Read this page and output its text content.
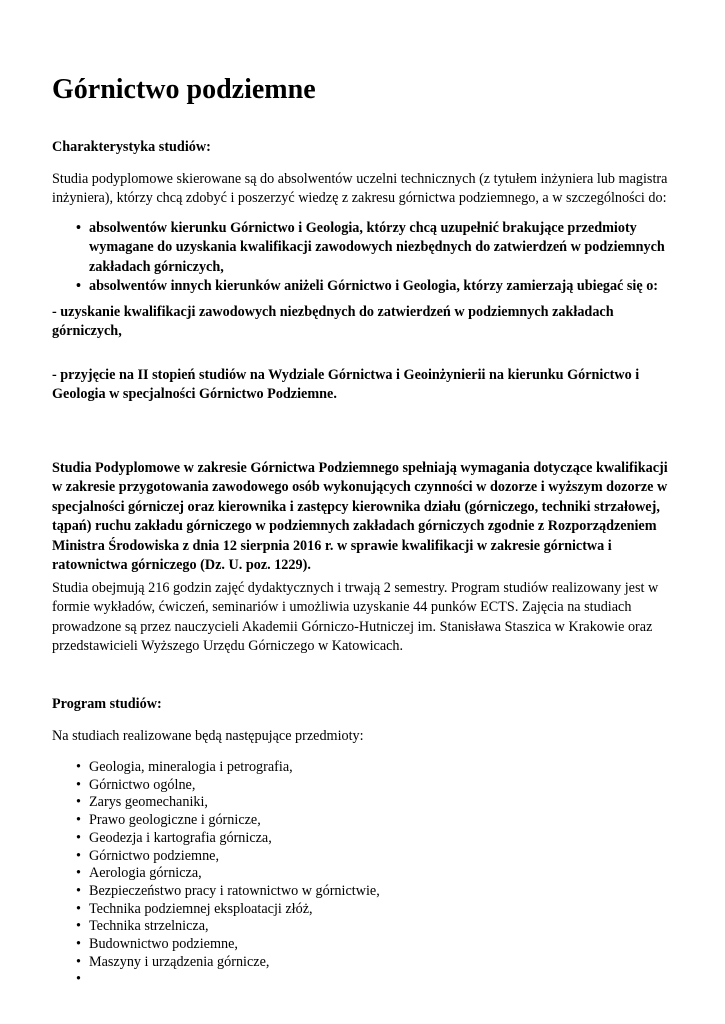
Górnictwo podziemne

Charakterystyka studiów:

Studia podyplomowe skierowane są do absolwentów uczelni technicznych (z tytułem inżyniera lub magistra inżyniera), którzy chcą zdobyć i poszerzyć wiedzę z zakresu górnictwa podziemnego, a w szczególności do:

• absolwentów kierunku Górnictwo i Geologia, którzy chcą uzupełnić brakujące przedmioty wymagane do uzyskania kwalifikacji zawodowych niezbędnych do zatwierdzeń w podziemnych zakładach górniczych,
• absolwentów innych kierunków aniżeli Górnictwo i Geologia, którzy zamierzają ubiegać się o:

- uzyskanie kwalifikacji zawodowych niezbędnych do zatwierdzeń w podziemnych zakładach górniczych,

- przyjęcie na II stopień studiów na Wydziale Górnictwa i Geoinżynierii na kierunku Górnictwo i Geologia w specjalności Górnictwo Podziemne.

Studia Podyplomowe w zakresie Górnictwa Podziemnego spełniają wymagania dotyczące kwalifikacji w zakresie przygotowania zawodowego osób wykonujących czynności w dozorze i wyższym dozorze w specjalności górniczej oraz kierownika i zastępcy kierownika działu (górniczego, techniki strzałowej, tąpań) ruchu zakładu górniczego w podziemnych zakładach górniczych zgodnie z Rozporządzeniem Ministra Środowiska z dnia 12 sierpnia 2016 r. w sprawie kwalifikacji w zakresie górnictwa i ratownictwa górniczego (Dz. U. poz. 1229).

Studia obejmują 216 godzin zajęć dydaktycznych i trwają 2 semestry. Program studiów realizowany jest w formie wykładów, ćwiczeń, seminariów i umożliwia uzyskanie 44 punków ECTS. Zajęcia na studiach prowadzone są przez nauczycieli Akademii Górniczo-Hutniczej im. Stanisława Staszica w Krakowie oraz przedstawicieli Wyższego Urzędu Górniczego w Katowicach.

Program studiów:

Na studiach realizowane będą następujące przedmioty:

• Geologia, mineralogia i petrografia,
• Górnictwo ogólne,
• Zarys geomechaniki,
• Prawo geologiczne i górnicze,
• Geodezja i kartografia górnicza,
• Górnictwo podziemne,
• Aerologia górnicza,
• Bezpieczeństwo pracy i ratownictwo w górnictwie,
• Technika podziemnej eksploatacji złóż,
• Technika strzelnicza,
• Budownictwo podziemne,
• Maszyny i urządzenia górnicze,
•
